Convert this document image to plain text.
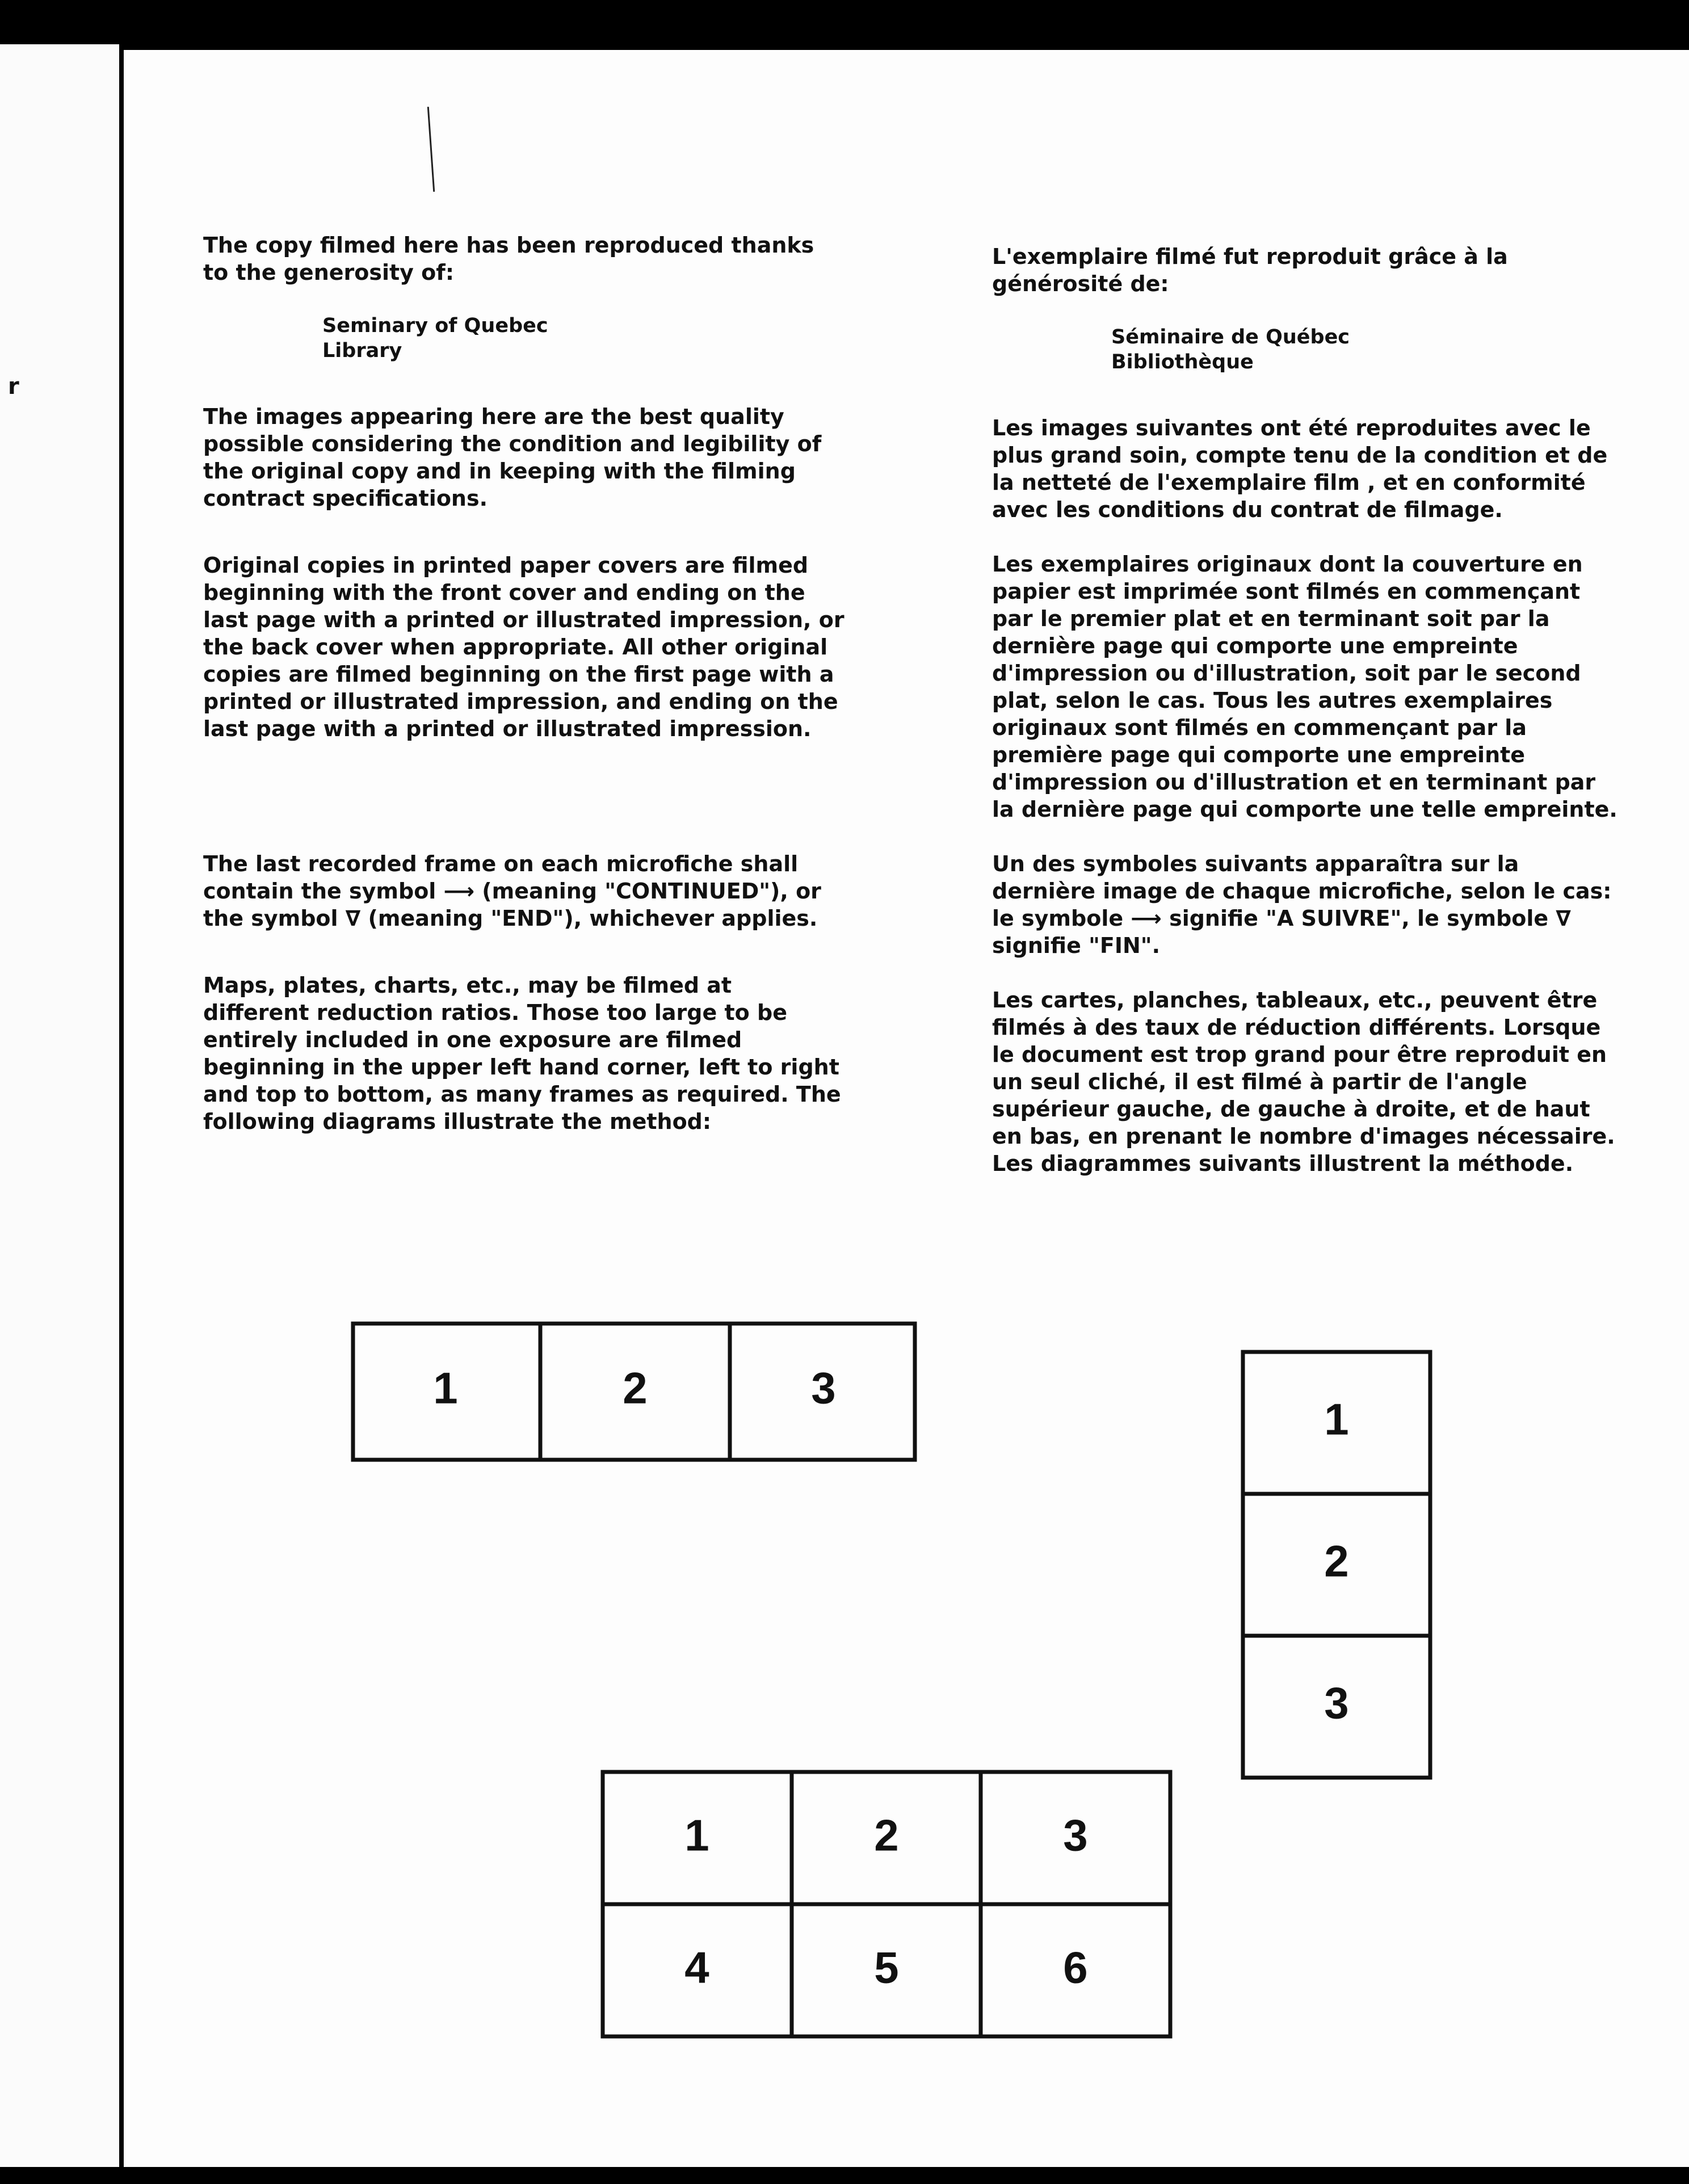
r

The copy filmed here has been reproduced thanks to the generosity of:

Seminary of Quebec

Library

The images appearing here are the best quality possible considering the condition and legibility of the original copy and in keeping with the filming contract specifications.

Original copies in printed paper covers are filmed beginning with the front cover and ending on the last page with a printed or illustrated impression, or the back cover when appropriate. All other original copies are filmed beginning on the first page with a printed or illustrated impression, and ending on the last page with a printed or illustrated impression.

The last recorded frame on each microfiche shall contain the symbol ⟶ (meaning "CONTINUED"), or the symbol ∇ (meaning "END"), whichever applies.

Maps, plates, charts, etc., may be filmed at different reduction ratios. Those too large to be entirely included in one exposure are filmed beginning in the upper left hand corner, left to right and top to bottom, as many frames as required. The following diagrams illustrate the method:

L'exemplaire filmé fut reproduit grâce à la générosité de:

Séminaire de Québec

Bibliothèque

Les images suivantes ont été reproduites avec le plus grand soin, compte tenu de la condition et de la netteté de l'exemplaire film , et en conformité avec les conditions du contrat de filmage.

Les exemplaires originaux dont la couverture en papier est imprimée sont filmés en commençant par le premier plat et en terminant soit par la dernière page qui comporte une empreinte d'impression ou d'illustration, soit par le second plat, selon le cas. Tous les autres exemplaires originaux sont filmés en commençant par la première page qui comporte une empreinte d'impression ou d'illustration et en terminant par la dernière page qui comporte une telle empreinte.

Un des symboles suivants apparaîtra sur la dernière image de chaque microfiche, selon le cas: le symbole ⟶ signifie "A SUIVRE", le symbole ∇ signifie "FIN".

Les cartes, planches, tableaux, etc., peuvent être filmés à des taux de réduction différents. Lorsque le document est trop grand pour être reproduit en un seul cliché, il est filmé à partir de l'angle supérieur gauche, de gauche à droite, et de haut en bas, en prenant le nombre d'images nécessaire. Les diagrammes suivants illustrent la méthode.

1	2	3
1
2
3
1	2	3
4	5	6
